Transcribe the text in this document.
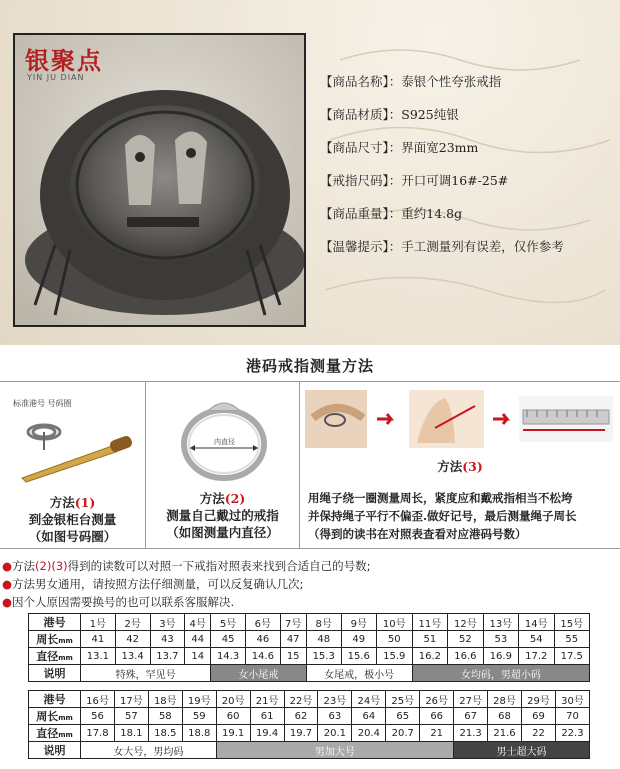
银聚点
YIN JU DIAN	【商品名称】：泰银个性夸张戒指
【商品材质】：S925纯银
【商品尺寸】：界面宽23mm
【戒指尺码】：开口可调16#-25#
【商品重量】：重约14.8g
【温馨提示】：手工测量列有误差，仅作参考
港码戒指测量方法
标准港号 号码圈
方法(1)
到金银柜台测量
（如图号码圈）
内直径
方法(2)
测量自己戴过的戒指
（如图测量内直径）
方法(3)
用绳子绕一圈测量周长，紧度应和戴戒指相当不松垮
并保持绳子平行不偏歪.做好记号，最后测量绳子周长
（得到的读书在对照表查看对应港码号数）
●方法(2)(3)得到的读数可以对照一下戒指对照表来找到合适自己的号数;
●方法男女通用，请按照方法仔细测量，可以反复确认几次;
●因个人原因需要换号的也可以联系客服解决.
港号	1号	2号	3号	4号	5号	6号	7号	8号	9号	10号	11号	12号	13号	14号	15号
周长mm	41	42	43	44	45	46	47	48	49	50	51	52	53	54	55
直径mm	13.1	13.4	13.7	14	14.3	14.6	15	15.3	15.6	15.9	16.2	16.6	16.9	17.2	17.5
说明	特殊，罕见号				女小尾戒			女尾戒，极小号			女均码，男超小码				
港号	16号	17号	18号	19号	20号	21号	22号	23号	24号	25号	26号	27号	28号	29号	30号
周长mm	56	57	58	59	60	61	62	63	64	65	66	67	68	69	70
直径mm	17.8	18.1	18.5	18.8	19.1	19.4	19.7	20.1	20.4	20.7	21	21.3	21.6	22	22.3
说明	女大号，男均码				男加大号							男士超大码			
